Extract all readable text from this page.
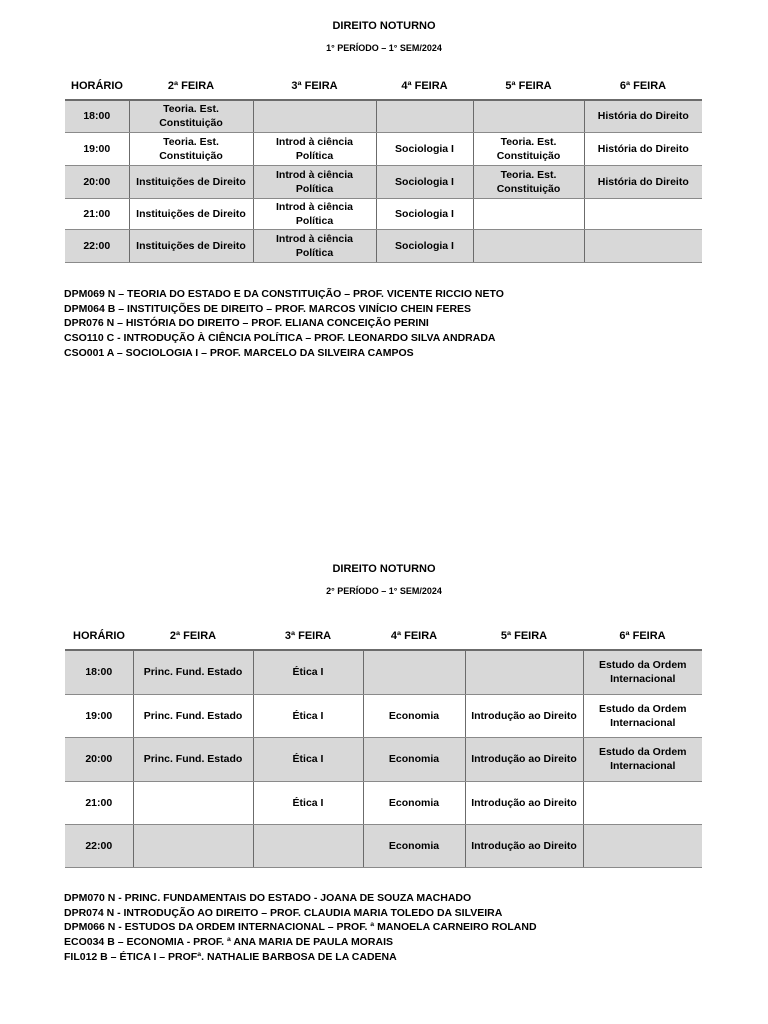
DIREITO NOTURNO
1° PERÍODO – 1° SEM/2024
HORÁRIO	2ª FEIRA	3ª FEIRA	4ª FEIRA	5ª FEIRA	6ª FEIRA
18:00	Teoria. Est. Constituição				História do Direito
19:00	Teoria. Est. Constituição	Introd à ciência Política	Sociologia I	Teoria. Est. Constituição	História do Direito
20:00	Instituições de Direito	Introd à ciência Política	Sociologia I	Teoria. Est. Constituição	História do Direito
21:00	Instituições de Direito	Introd à ciência Política	Sociologia I		
22:00	Instituições de Direito	Introd à ciência Política	Sociologia I		
DPM069 N – TEORIA DO ESTADO E DA CONSTITUIÇÃO – PROF. VICENTE RICCIO NETO
DPM064 B – INSTITUIÇÕES DE DIREITO – PROF. MARCOS VINÍCIO CHEIN FERES
DPR076 N – HISTÓRIA DO DIREITO – PROF. ELIANA CONCEIÇÃO PERINI
CSO110 C - INTRODUÇÃO À CIÊNCIA POLÍTICA – PROF. LEONARDO SILVA ANDRADA
CSO001 A – SOCIOLOGIA I – PROF. MARCELO DA SILVEIRA CAMPOS
DIREITO NOTURNO
2° PERÍODO – 1° SEM/2024
HORÁRIO	2ª FEIRA	3ª FEIRA	4ª FEIRA	5ª FEIRA	6ª FEIRA
18:00	Princ. Fund. Estado	Ética I			Estudo da Ordem Internacional
19:00	Princ. Fund. Estado	Ética I	Economia	Introdução ao Direito	Estudo da Ordem Internacional
20:00	Princ. Fund. Estado	Ética I	Economia	Introdução ao Direito	Estudo da Ordem Internacional
21:00		Ética I	Economia	Introdução ao Direito	
22:00			Economia	Introdução ao Direito	
DPM070 N - PRINC. FUNDAMENTAIS DO ESTADO - JOANA DE SOUZA MACHADO
DPR074 N - INTRODUÇÃO AO DIREITO – PROF. CLAUDIA MARIA TOLEDO DA SILVEIRA
DPM066 N - ESTUDOS DA ORDEM INTERNACIONAL – PROF. ª MANOELA CARNEIRO ROLAND
ECO034 B – ECONOMIA - PROF. ª ANA MARIA DE PAULA MORAIS
FIL012 B – ÉTICA I – PROFª. NATHALIE BARBOSA DE LA CADENA
